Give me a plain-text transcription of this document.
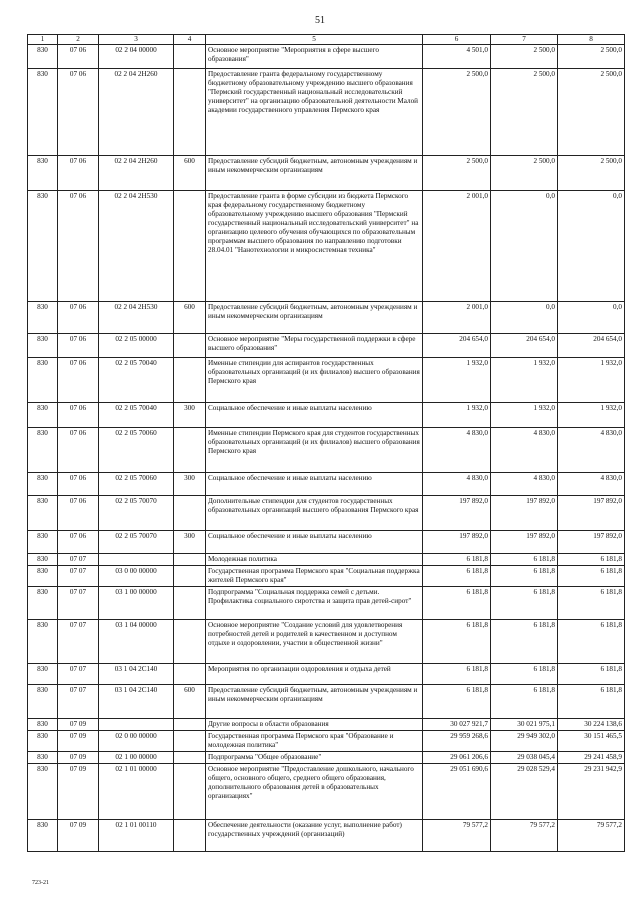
51
1	2	3	4	5	6	7	8
830	07 06	02 2 04 00000		Основное мероприятие "Мероприятия в сфере высшего образования"	4 501,0	2 500,0	2 500,0
830	07 06	02 2 04 2Н260		Предоставление гранта федеральному государственному бюджетному образовательному учреждению высшего образования "Пермский государственный национальный исследовательский университет" на организацию образовательной деятельности Малой академии государственного управления Пермского края	2 500,0	2 500,0	2 500,0
830	07 06	02 2 04 2Н260	600	Предоставление субсидий бюджетным, автономным учреждениям и иным некоммерческим организациям	2 500,0	2 500,0	2 500,0
830	07 06	02 2 04 2Н530		Предоставление гранта в форме субсидии из бюджета Пермского края федеральному государственному бюджетному образовательному учреждению высшего образования "Пермский государственный национальный исследовательский университет" на организацию целевого обучения обучающихся по образовательным программам высшего образования по направлению подготовки 28.04.01 "Нанотехнологии и микросистемная техника"	2 001,0	0,0	0,0
830	07 06	02 2 04 2Н530	600	Предоставление субсидий бюджетным, автономным учреждениям и иным некоммерческим организациям	2 001,0	0,0	0,0
830	07 06	02 2 05 00000		Основное мероприятие "Меры государственной поддержки в сфере высшего образования"	204 654,0	204 654,0	204 654,0
830	07 06	02 2 05 70040		Именные стипендии для аспирантов государственных образовательных организаций (и их филиалов) высшего образования Пермского края	1 932,0	1 932,0	1 932,0
830	07 06	02 2 05 70040	300	Социальное обеспечение и иные выплаты населению	1 932,0	1 932,0	1 932,0
830	07 06	02 2 05 70060		Именные стипендии Пермского края для студентов государственных образовательных организаций (и их филиалов) высшего образования Пермского края	4 830,0	4 830,0	4 830,0
830	07 06	02 2 05 70060	300	Социальное обеспечение и иные выплаты населению	4 830,0	4 830,0	4 830,0
830	07 06	02 2 05 70070		Дополнительные стипендии для студентов государственных образовательных организаций высшего образования Пермского края	197 892,0	197 892,0	197 892,0
830	07 06	02 2 05 70070	300	Социальное обеспечение и иные выплаты населению	197 892,0	197 892,0	197 892,0
830	07 07			Молодежная политика	6 181,8	6 181,8	6 181,8
830	07 07	03 0 00 00000		Государственная программа Пермского края "Социальная поддержка жителей Пермского края"	6 181,8	6 181,8	6 181,8
830	07 07	03 1 00 00000		Подпрограмма "Социальная поддержка семей с детьми. Профилактика социального сиротства и защита прав детей-сирот"	6 181,8	6 181,8	6 181,8
830	07 07	03 1 04 00000		Основное мероприятие "Создание условий для удовлетворения потребностей детей и родителей в качественном и доступном отдыхе и оздоровлении, участии в общественной жизни"	6 181,8	6 181,8	6 181,8
830	07 07	03 1 04 2С140		Мероприятия по организации оздоровления и отдыха детей	6 181,8	6 181,8	6 181,8
830	07 07	03 1 04 2С140	600	Предоставление субсидий бюджетным, автономным учреждениям и иным некоммерческим организациям	6 181,8	6 181,8	6 181,8
830	07 09			Другие вопросы в области образования	30 027 921,7	30 021 975,1	30 224 138,6
830	07 09	02 0 00 00000		Государственная программа Пермского края "Образование и молодежная политика"	29 959 268,6	29 949 302,0	30 151 465,5
830	07 09	02 1 00 00000		Подпрограмма "Общее образование"	29 061 206,6	29 038 045,4	29 241 458,9
830	07 09	02 1 01 00000		Основное мероприятие "Предоставление дошкольного, начального общего, основного общего, среднего общего образования, дополнительного образования детей в образовательных организациях"	29 051 690,6	29 028 529,4	29 231 942,9
830	07 09	02 1 01 00110		Обеспечение деятельности (оказание услуг, выполнение работ) государственных учреждений (организаций)	79 577,2	79 577,2	79 577,2
723-21
